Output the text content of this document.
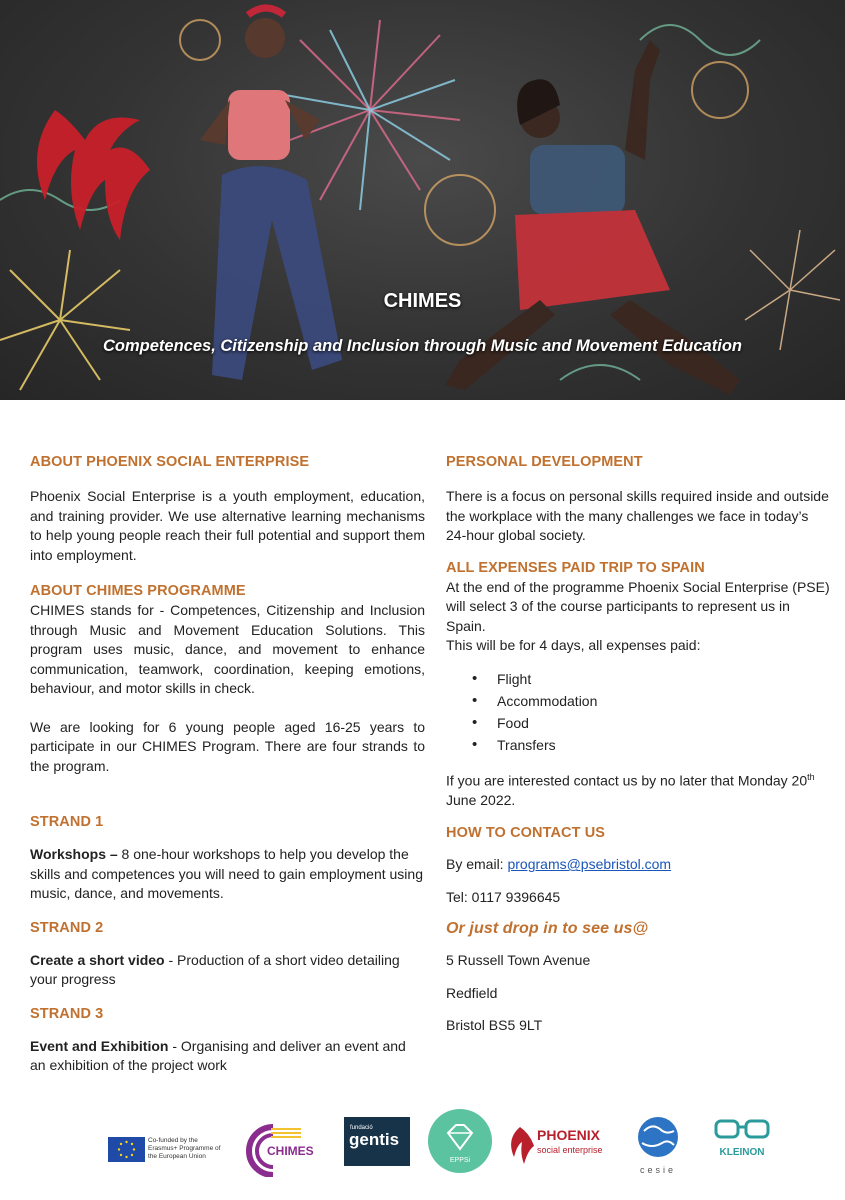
CHIMES
Competences, Citizenship and Inclusion through Music and Movement Education
ABOUT PHOENIX SOCIAL ENTERPRISE

Phoenix Social Enterprise is a youth employment, education, and training provider. We use alternative learning mechanisms to help young people reach their full potential and support them into employment.

ABOUT CHIMES PROGRAMME

CHIMES stands for - Competences, Citizenship and Inclusion through Music and Movement Education Solutions. This program uses music, dance, and movement to enhance communication, teamwork, coordination, keeping emotions, behaviour, and motor skills in check.

We are looking for 6 young people aged 16-25 years to participate in our CHIMES Program. There are four strands to the program.

STRAND 1

Workshops – 8 one-hour workshops to help you develop the skills and competences you will need to gain employment using music, dance, and movements.

STRAND 2

Create a short video - Production of a short video detailing your progress

STRAND 3

Event and Exhibition - Organising and deliver an event and an exhibition of the project work

PERSONAL DEVELOPMENT

There is a focus on personal skills required inside and outside the workplace with the many challenges we face in today’s 24-hour global society.

ALL EXPENSES PAID TRIP TO SPAIN

At the end of the programme Phoenix Social Enterprise (PSE) will select 3 of the course participants to represent us in Spain.

This will be for 4 days, all expenses paid:

• Flight
• Accommodation
• Food
• Transfers

If you are interested contact us by no later that Monday 20th June 2022.

HOW TO CONTACT US

By email: programs@psebristol.com

Tel: 0117 9396645

Or just drop in to see us@

5 Russell Town Avenue

Redfield

Bristol BS5 9LT

Co-funded by the Erasmus+ Programme of the European Union	CHIMES
fundació
gentis
EPPSi
PHOENIX
social enterprise
cesie
KLEINON
